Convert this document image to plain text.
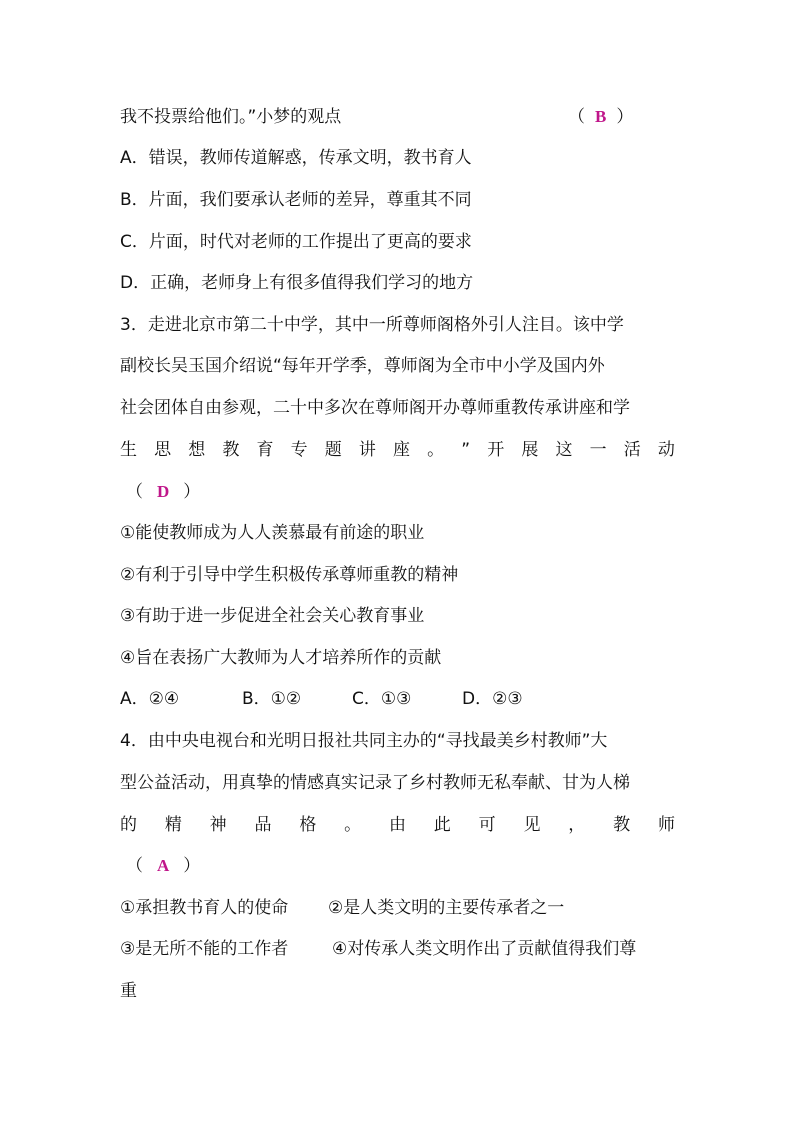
我不投票给他们。”小梦的观点	（ B ）
A．错误，教师传道解惑，传承文明，教书育人
B．片面，我们要承认老师的差异，尊重其不同
C．片面，时代对老师的工作提出了更高的要求
D．正确，老师身上有很多值得我们学习的地方
3．走进北京市第二十中学，其中一所尊师阁格外引人注目。该中学
副校长吴玉国介绍说“每年开学季，尊师阁为全市中小学及国内外
社会团体自由参观，二十中多次在尊师阁开办尊师重教传承讲座和学
生 思 想 教 育 专 题 讲 座 。 ” 开 展 这 一 活 动
（ D ）
①能使教师成为人人羡慕最有前途的职业
②有利于引导中学生积极传承尊师重教的精神
③有助于进一步促进全社会关心教育事业
④旨在表扬广大教师为人才培养所作的贡献
A．②④	B．①②	C．①③	D．②③
4．由中央电视台和光明日报社共同主办的“寻找最美乡村教师”大
型公益活动，用真挚的情感真实记录了乡村教师无私奉献、甘为人梯
的 精 神 品 格 。 由 此 可 见 ， 教 师
（ A ）
①承担教书育人的使命 ②是人类文明的主要传承者之一
③是无所不能的工作者	④对传承人类文明作出了贡献值得我们尊
重
